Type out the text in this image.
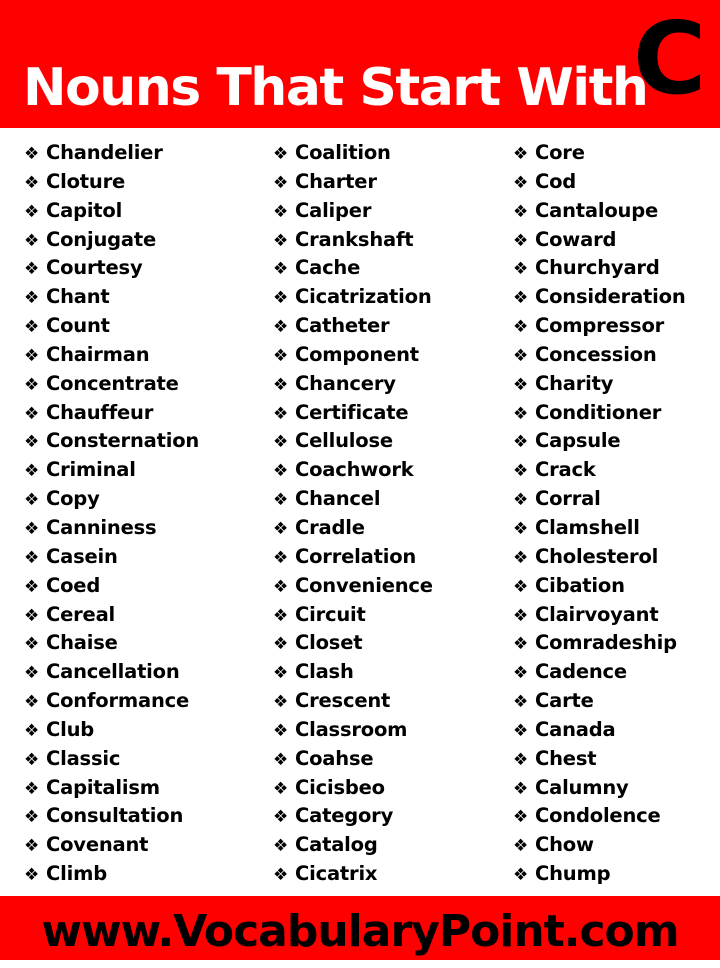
Nouns That Start With
C
❖ Chandelier
❖ Cloture
❖ Capitol
❖ Conjugate
❖ Courtesy
❖ Chant
❖ Count
❖ Chairman
❖ Concentrate
❖ Chauffeur
❖ Consternation
❖ Criminal
❖ Copy
❖ Canniness
❖ Casein
❖ Coed
❖ Cereal
❖ Chaise
❖ Cancellation
❖ Conformance
❖ Club
❖ Classic
❖ Capitalism
❖ Consultation
❖ Covenant
❖ Climb
❖ Coalition
❖ Charter
❖ Caliper
❖ Crankshaft
❖ Cache
❖ Cicatrization
❖ Catheter
❖ Component
❖ Chancery
❖ Certificate
❖ Cellulose
❖ Coachwork
❖ Chancel
❖ Cradle
❖ Correlation
❖ Convenience
❖ Circuit
❖ Closet
❖ Clash
❖ Crescent
❖ Classroom
❖ Coahse
❖ Cicisbeo
❖ Category
❖ Catalog
❖ Cicatrix
❖ Core
❖ Cod
❖ Cantaloupe
❖ Coward
❖ Churchyard
❖ Consideration
❖ Compressor
❖ Concession
❖ Charity
❖ Conditioner
❖ Capsule
❖ Crack
❖ Corral
❖ Clamshell
❖ Cholesterol
❖ Cibation
❖ Clairvoyant
❖ Comradeship
❖ Cadence
❖ Carte
❖ Canada
❖ Chest
❖ Calumny
❖ Condolence
❖ Chow
❖ Chump
www.VocabularyPoint.com
